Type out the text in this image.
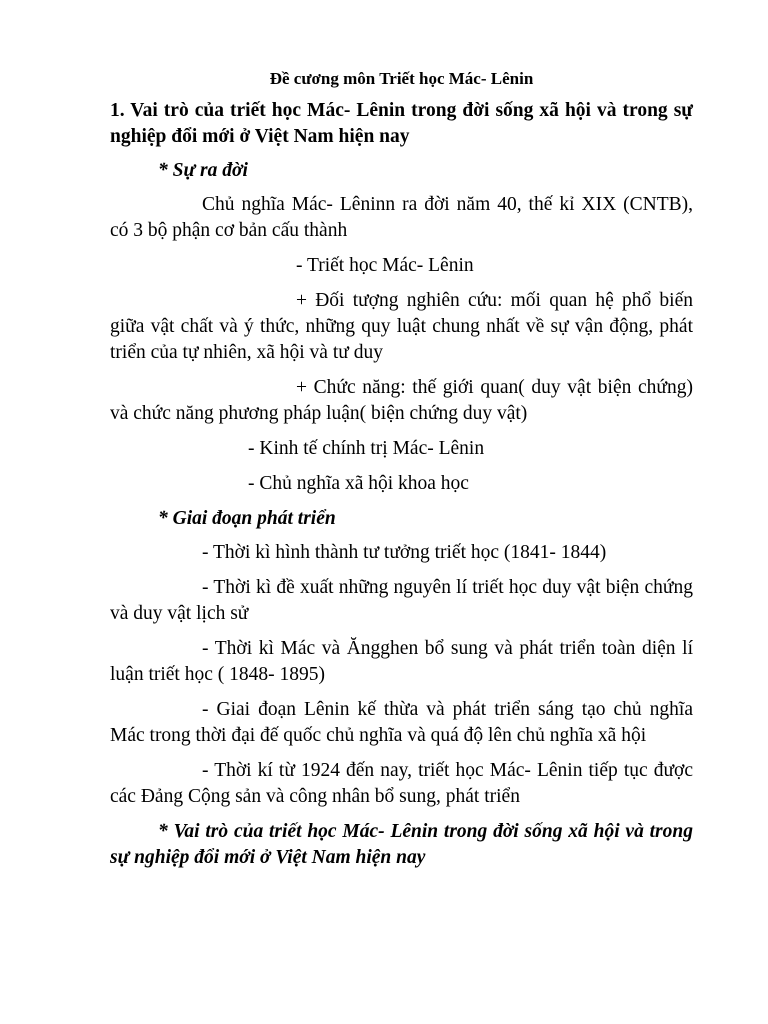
Đề cương môn Triết học Mác- Lênin
1. Vai trò của triết học Mác- Lênin trong đời sống xã hội và trong sự nghiệp đổi mới ở Việt Nam hiện nay
* Sự ra đời
Chủ nghĩa Mác- Lêninn ra đời năm 40, thế kỉ XIX (CNTB), có 3 bộ phận cơ bản cấu thành
- Triết học Mác- Lênin
+ Đối tượng nghiên cứu: mối quan hệ phổ biến giữa vật chất và ý thức, những quy luật chung nhất về sự vận động, phát triển của tự nhiên, xã hội và tư duy
+ Chức năng: thế giới quan( duy vật biện chứng) và chức năng phương pháp luận( biện chứng duy vật)
- Kinh tế chính trị Mác- Lênin
- Chủ nghĩa xã hội khoa học
* Giai đoạn phát triển
- Thời kì hình thành tư tưởng triết học (1841- 1844)
- Thời kì đề xuất những nguyên lí triết học duy vật biện chứng và duy vật lịch sử
- Thời kì Mác và Ăngghen bổ sung và phát triển toàn diện lí luận triết học ( 1848- 1895)
- Giai đoạn Lênin kế thừa và phát triển sáng tạo chủ nghĩa Mác trong thời đại đế quốc chủ nghĩa và quá độ lên chủ nghĩa xã hội
- Thời kí từ 1924 đến nay, triết học Mác- Lênin tiếp tục được các Đảng Cộng sản và công nhân bổ sung, phát triển
* Vai trò của triết học Mác- Lênin trong đời sống xã hội và trong sự nghiệp đổi mới ở Việt Nam hiện nay
